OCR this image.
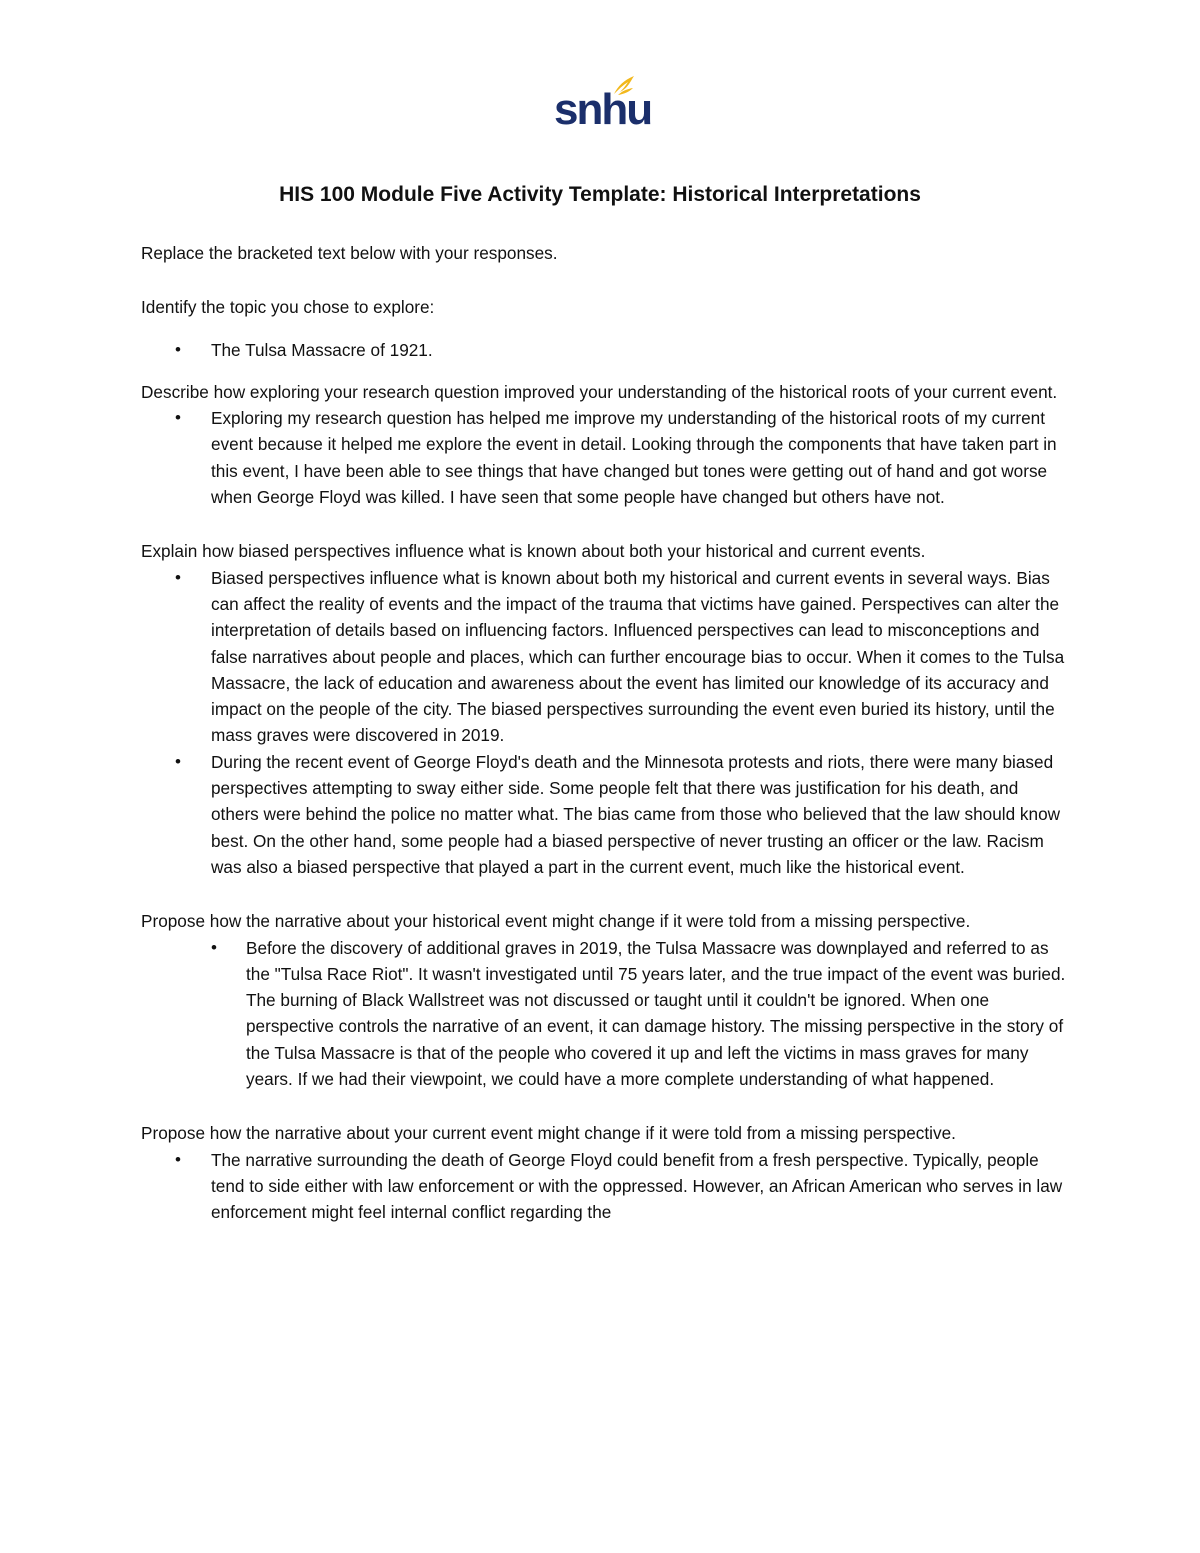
snhu
HIS 100 Module Five Activity Template: Historical Interpretations

Replace the bracketed text below with your responses.

Identify the topic you chose to explore:

• The Tulsa Massacre of 1921.

Describe how exploring your research question improved your understanding of the historical roots of your current event.

• Exploring my research question has helped me improve my understanding of the historical roots of my current event because it helped me explore the event in detail. Looking through the components that have taken part in this event, I have been able to see things that have changed but tones were getting out of hand and got worse when George Floyd was killed. I have seen that some people have changed but others have not.

Explain how biased perspectives influence what is known about both your historical and current events.

• Biased perspectives influence what is known about both my historical and current events in several ways. Bias can affect the reality of events and the impact of the trauma that victims have gained. Perspectives can alter the interpretation of details based on influencing factors. Influenced perspectives can lead to misconceptions and false narratives about people and places, which can further encourage bias to occur. When it comes to the Tulsa Massacre, the lack of education and awareness about the event has limited our knowledge of its accuracy and impact on the people of the city. The biased perspectives surrounding the event even buried its history, until the mass graves were discovered in 2019.
• During the recent event of George Floyd's death and the Minnesota protests and riots, there were many biased perspectives attempting to sway either side. Some people felt that there was justification for his death, and others were behind the police no matter what. The bias came from those who believed that the law should know best. On the other hand, some people had a biased perspective of never trusting an officer or the law. Racism was also a biased perspective that played a part in the current event, much like the historical event.

Propose how the narrative about your historical event might change if it were told from a missing perspective.

• Before the discovery of additional graves in 2019, the Tulsa Massacre was downplayed and referred to as the "Tulsa Race Riot". It wasn't investigated until 75 years later, and the true impact of the event was buried. The burning of Black Wallstreet was not discussed or taught until it couldn't be ignored. When one perspective controls the narrative of an event, it can damage history. The missing perspective in the story of the Tulsa Massacre is that of the people who covered it up and left the victims in mass graves for many years. If we had their viewpoint, we could have a more complete understanding of what happened.

Propose how the narrative about your current event might change if it were told from a missing perspective.

• The narrative surrounding the death of George Floyd could benefit from a fresh perspective. Typically, people tend to side either with law enforcement or with the oppressed. However, an African American who serves in law enforcement might feel internal conflict regarding the
